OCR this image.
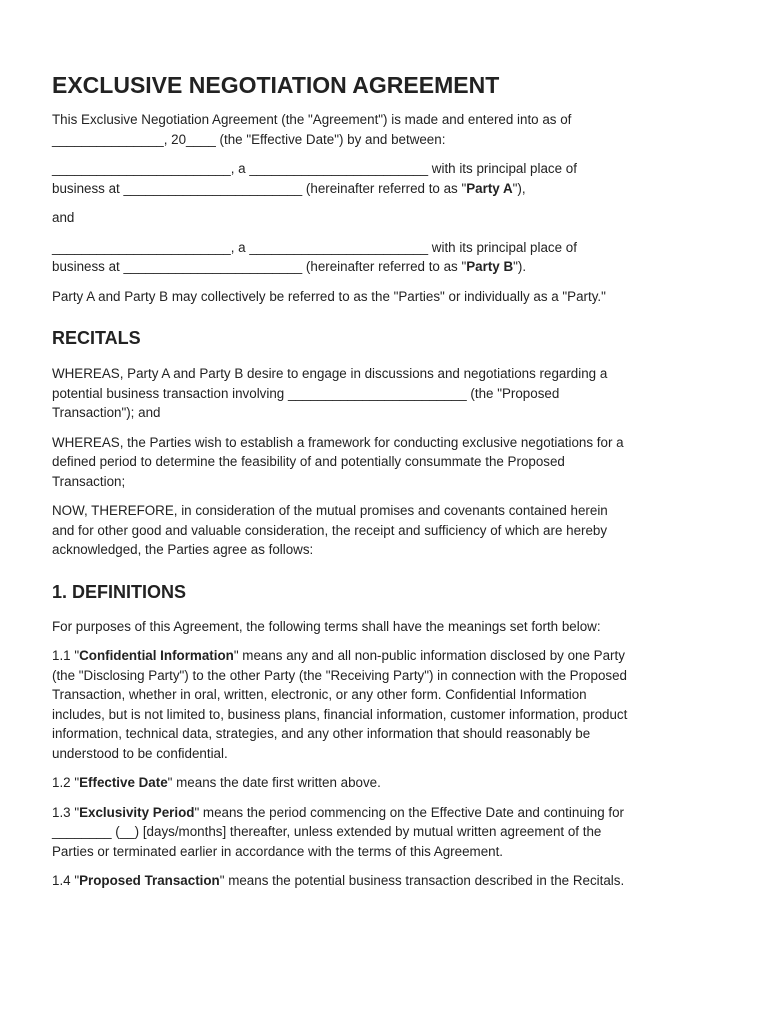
EXCLUSIVE NEGOTIATION AGREEMENT

This Exclusive Negotiation Agreement (the "Agreement") is made and entered into as of
_______________, 20____ (the "Effective Date") by and between:

________________________, a ________________________ with its principal place of
business at ________________________ (hereinafter referred to as "Party A"),

and

________________________, a ________________________ with its principal place of
business at ________________________ (hereinafter referred to as "Party B").

Party A and Party B may collectively be referred to as the "Parties" or individually as a "Party."

RECITALS

WHEREAS, Party A and Party B desire to engage in discussions and negotiations regarding a
potential business transaction involving ________________________ (the "Proposed
Transaction"); and

WHEREAS, the Parties wish to establish a framework for conducting exclusive negotiations for a
defined period to determine the feasibility of and potentially consummate the Proposed
Transaction;

NOW, THEREFORE, in consideration of the mutual promises and covenants contained herein
and for other good and valuable consideration, the receipt and sufficiency of which are hereby
acknowledged, the Parties agree as follows:

1. DEFINITIONS

For purposes of this Agreement, the following terms shall have the meanings set forth below:

1.1 "Confidential Information" means any and all non-public information disclosed by one Party
(the "Disclosing Party") to the other Party (the "Receiving Party") in connection with the Proposed
Transaction, whether in oral, written, electronic, or any other form. Confidential Information
includes, but is not limited to, business plans, financial information, customer information, product
information, technical data, strategies, and any other information that should reasonably be
understood to be confidential.

1.2 "Effective Date" means the date first written above.

1.3 "Exclusivity Period" means the period commencing on the Effective Date and continuing for
________ (__) [days/months] thereafter, unless extended by mutual written agreement of the
Parties or terminated earlier in accordance with the terms of this Agreement.

1.4 "Proposed Transaction" means the potential business transaction described in the Recitals.
